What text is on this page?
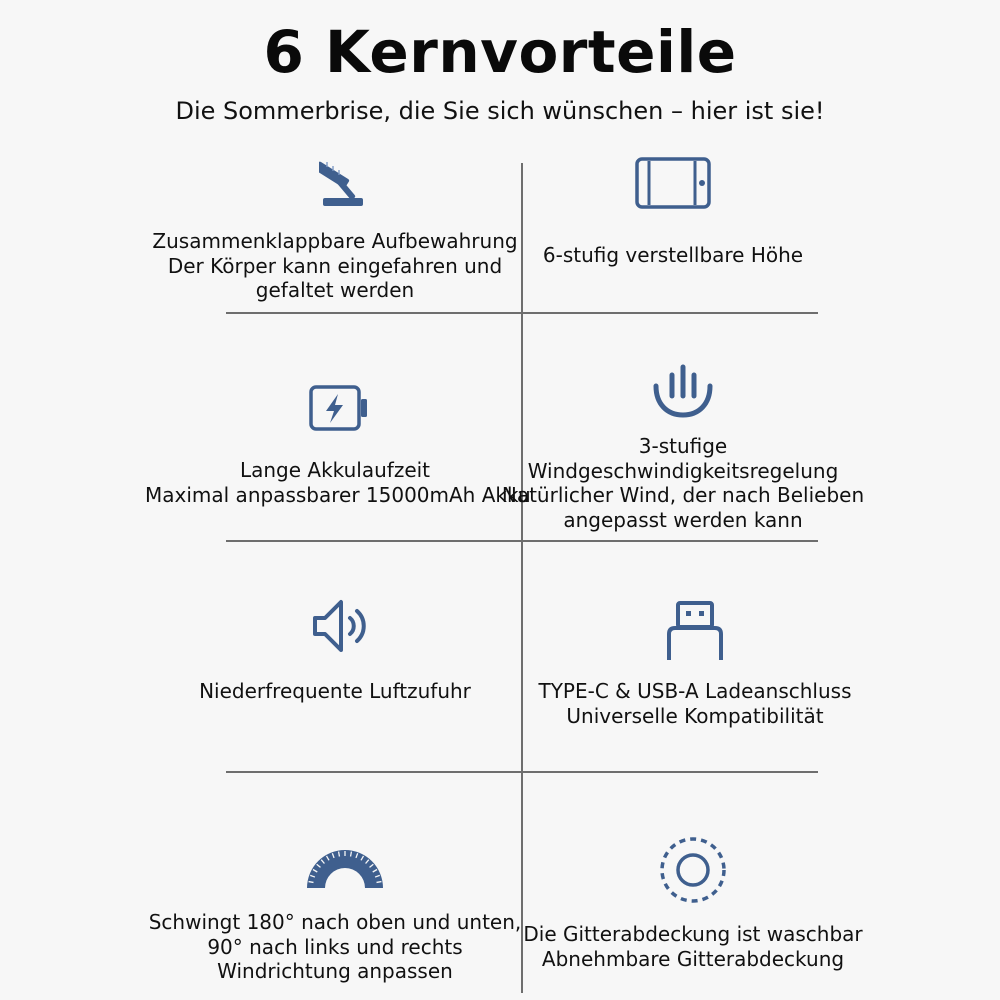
6 Kernvorteile
Die Sommerbrise, die Sie sich wünschen – hier ist sie!
Zusammenklappbare Aufbewahrung
Der Körper kann eingefahren und
gefaltet werden
6-stufig verstellbare Höhe
Lange Akkulaufzeit
Maximal anpassbarer 15000mAh Akku
3-stufige
Windgeschwindigkeitsregelung
Natürlicher Wind, der nach Belieben
angepasst werden kann
Niederfrequente Luftzufuhr	TYPE-C & USB-A Ladeanschluss
Universelle Kompatibilität
Schwingt 180° nach oben und unten,
90° nach links und rechts
Windrichtung anpassen
Die Gitterabdeckung ist waschbar
Abnehmbare Gitterabdeckung
